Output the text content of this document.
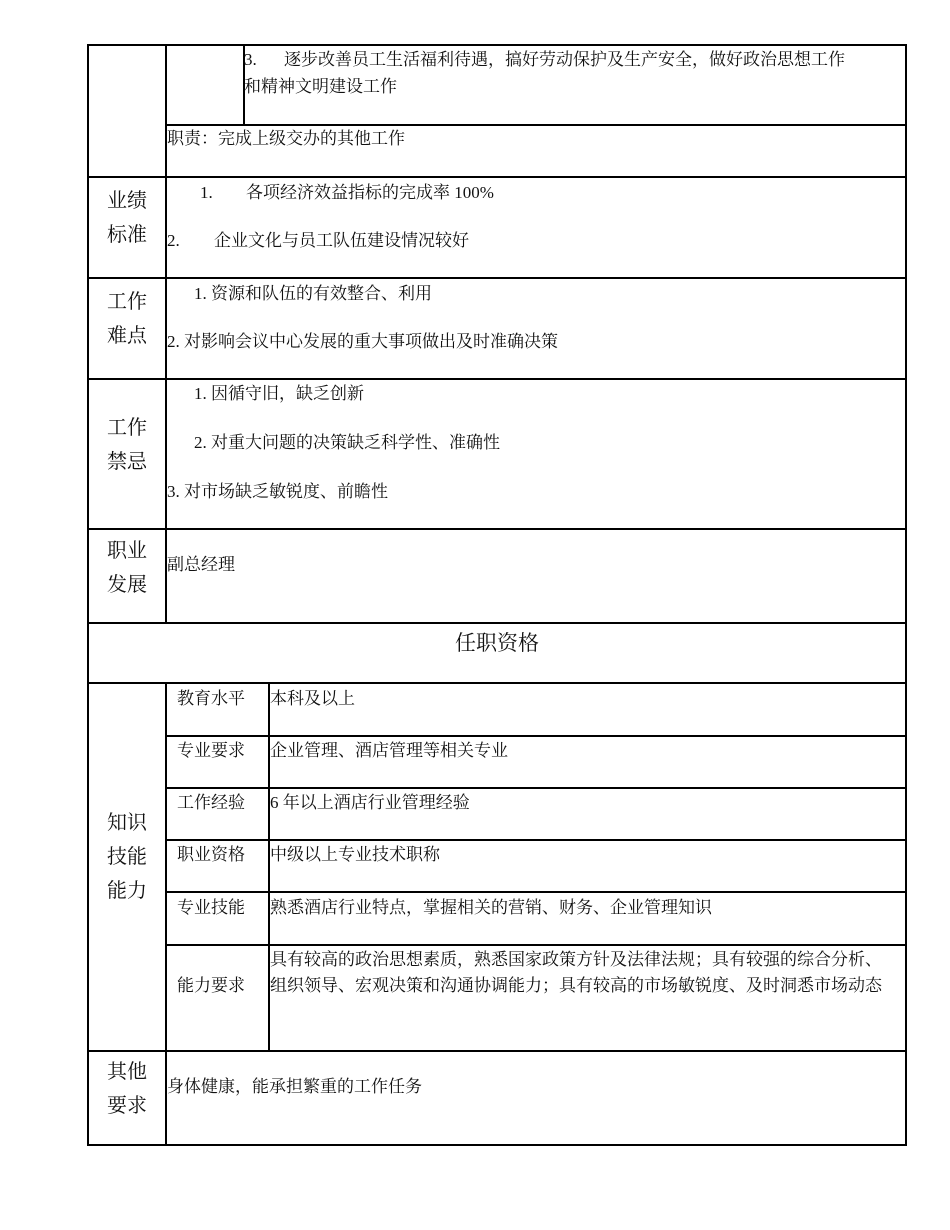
3. 逐步改善员工生活福利待遇，搞好劳动保护及生产安全，做好政治思想工作
和精神文明建设工作
职责：完成上级交办的其他工作
业绩
标准
1. 各项经济效益指标的完成率 100%
2. 企业文化与员工队伍建设情况较好
工作
难点
1. 资源和队伍的有效整合、利用
2. 对影响会议中心发展的重大事项做出及时准确决策
工作
禁忌
1. 因循守旧，缺乏创新
2. 对重大问题的决策缺乏科学性、准确性
3. 对市场缺乏敏锐度、前瞻性
职业
发展
副总经理
任职资格
知识
技能
能力
教育水平 本科及以上
专业要求 企业管理、酒店管理等相关专业
工作经验 6 年以上酒店行业管理经验
职业资格 中级以上专业技术职称
专业技能 熟悉酒店行业特点，掌握相关的营销、财务、企业管理知识
能力要求
具有较高的政治思想素质，熟悉国家政策方针及法律法规；具有较强的综合分析、组织领导、宏观决策和沟通协调能力；具有较高的市场敏锐度、及时洞悉市场动态
其他
要求
身体健康，能承担繁重的工作任务
